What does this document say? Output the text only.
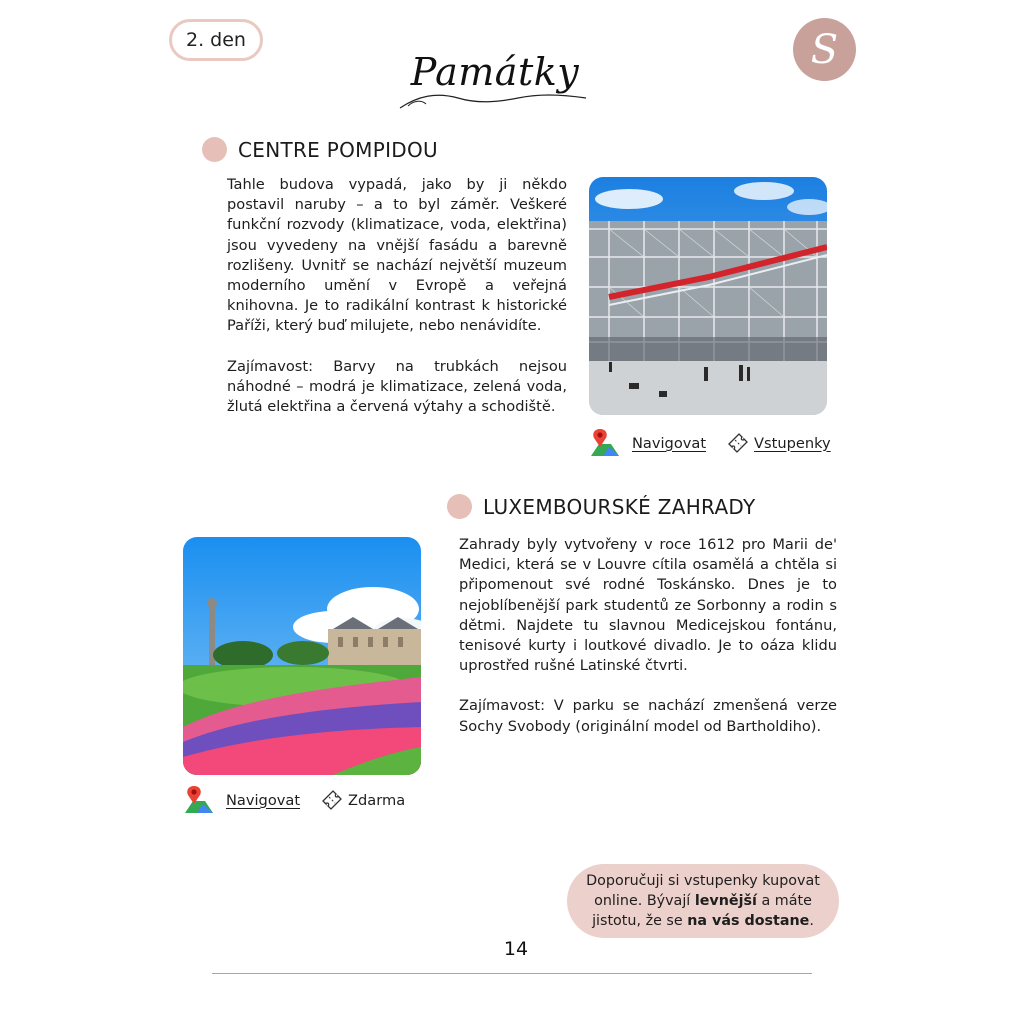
2. den	S
Památky
CENTRE POMPIDOU

Tahle budova vypadá, jako by ji někdo postavil naruby – a to byl záměr. Veškeré funkční rozvody (klimatizace, voda, elektřina) jsou vyvedeny na vnější fasádu a barevně rozlišeny. Uvnitř se nachází největší muzeum moderního umění v Evropě a veřejná knihovna. Je to radikální kontrast k historické Paříži, který buď milujete, nebo nenávidíte.

Zajímavost: Barvy na trubkách nejsou náhodné – modrá je klimatizace, zelená voda, žlutá elektřina a červená výtahy a schodiště.

Navigovat	Vstupenky
LUXEMBOURSKÉ ZAHRADY

Zahrady byly vytvořeny v roce 1612 pro Marii de' Medici, která se v Louvre cítila osamělá a chtěla si připomenout své rodné Toskánsko. Dnes je to nejoblíbenější park studentů ze Sorbonny a rodin s dětmi. Najdete tu slavnou Medicejskou fontánu, tenisové kurty i loutkové divadlo. Je to oáza klidu uprostřed rušné Latinské čtvrti.

Zajímavost: V parku se nachází zmenšená verze Sochy Svobody (originální model od Bartholdiho).

Navigovat	Zdarma
Doporučuji si vstupenky kupovat online. Bývají levnější a máte jistotu, že se na vás dostane.
14
